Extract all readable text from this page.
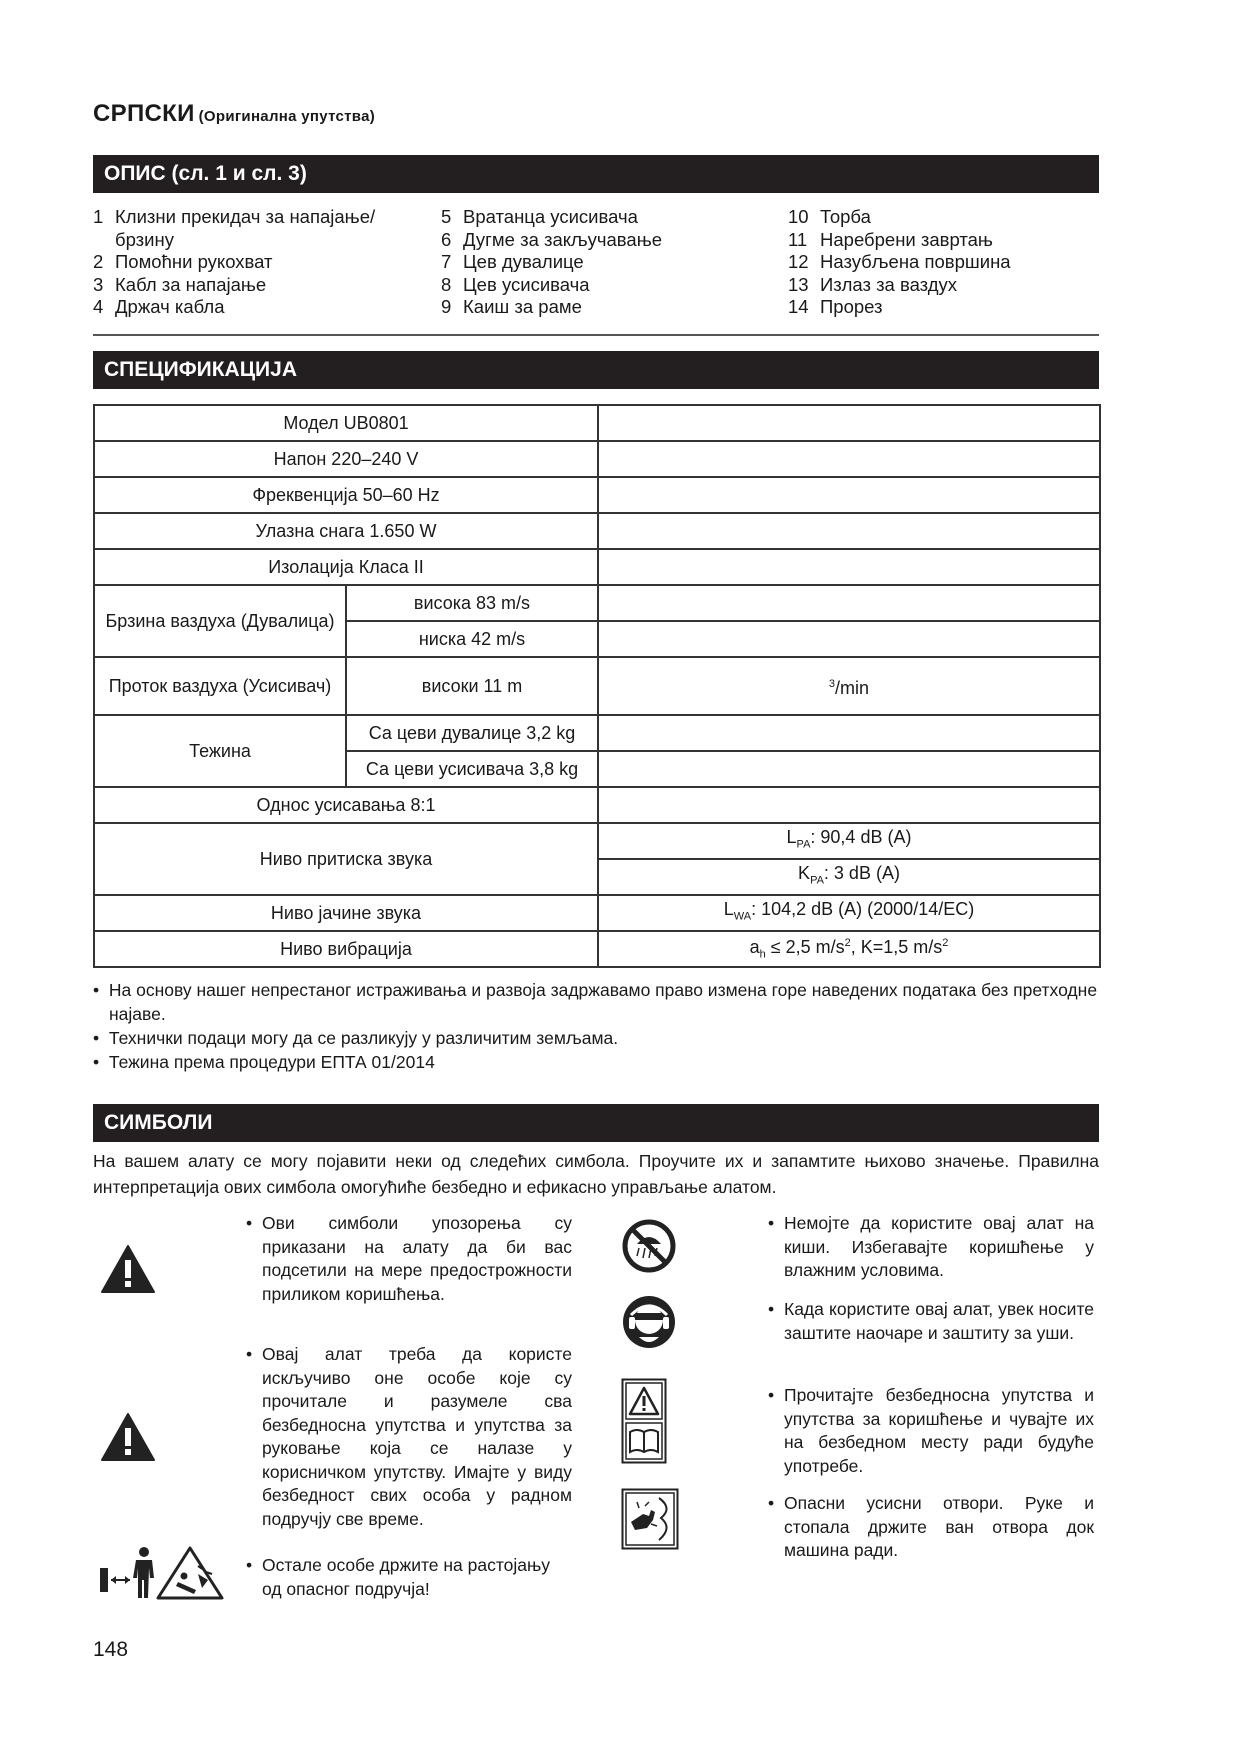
СРПСКИ (Оригинална упутства)
ОПИС (сл. 1 и сл. 3)
1 Клизни прекидач за напајање/
брзину
2 Помоћни рукохват
3 Кабл за напајање
4 Држач кабла
5 Вратанца усисивача
6 Дугме за закључавање
7 Цев дувалице
8 Цев усисивача
9 Каиш за раме
10 Торба
11 Наребрени завртањ
12 Назубљена површина
13 Излаз за ваздух
14 Прорез
СПЕЦИФИКАЦИЈА
Модел UB0801		
Напон 220–240 V		
Фреквенција 50–60 Hz		
Улазна снага 1.650 W		
Изолација Класа II		
Брзина ваздуха (Дувалица)	висока 83 m/s	
	ниска 42 m/s	
Проток ваздуха (Усисивач)	високи 11 m	$^3$/min
Тежина	Са цеви дувалице 3,2 kg	
	Са цеви усисивача 3,8 kg	
Однос усисавања 8:1		
Ниво притиска звука		$L_{PA}$: 90,4 dB (A)
		$K_{PA}$: 3 dB (A)
Ниво јачине звука		$L_{WA}$: 104,2 dB (A) (2000/14/EC)
Ниво вибрација		$a_h \le 2,5$ $m/s^2$, K=1,5 $m/s^2$
•  На основу нашег непрестаног истраживања и развоја задржавамо право измена горе наведених података без претходне најаве.
•  Технички подаци могу да се разликују у различитим земљама.
•  Тежина према процедури ЕПТА 01/2014
СИМБОЛИ
На вашем алату се могу појавити неки од следећих симбола. Проучите их и запамтите њихово значење. Правилна интерпретација ових симбола омогућиће безбедно и ефикасно управљање алатом.
• Ови симболи упозорења су приказани на алату да би вас подсетили на мере предострожности приликом коришћења.
• Овај алат треба да користе искључиво оне особе које су прочитале и разумеле сва безбедносна упутства и упутства за руковање која се налазе у корисничком упутству. Имајте у виду безбедност свих особа у радном подручју све време.
• Остале особе држите на растојању од опасног подручја!
• Немојте да користите овај алат на киши. Избегавајте коришћење у влажним условима.
• Када користите овај алат, увек носите заштите наочаре и заштиту за уши.
• Прочитајте безбедносна упутства и упутства за коришћење и чувајте их на безбедном месту ради будуће употребе.
• Опасни усисни отвори. Руке и стопала држите ван отвора док машина ради.
148
